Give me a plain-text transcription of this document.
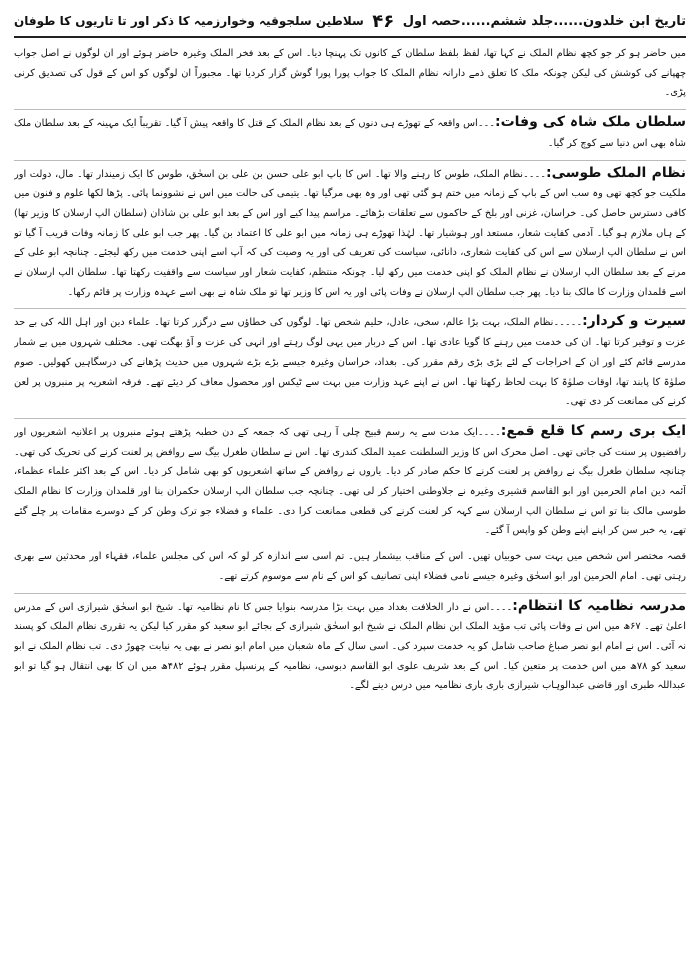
تاریخ ابن خلدون......جلد ششم......حصہ اول
۴۶
سلاطین سلجوقیہ وخوارزمیہ کا ذکر اور تا تاریوں کا طوفان

میں حاضر ہو کر جو کچھ نظام الملک نے کہا تھا، لفظ بلفظ سلطان کے کانوں تک پہنچا دیا۔ اس کے بعد فخر الملک وغیرہ حاضر ہوئے اور ان لوگوں نے اصل جواب چھپانے کی کوشش کی لیکن چونکہ ملک کا تعلق ذمے دارانہ نظام الملک کا جواب پورا پورا گوش گزار کردیا تھا۔ مجبوراً ان لوگوں کو اس کے قول کی تصدیق کرنی پڑی۔

سلطان ملک شاہ کی وفات:۔۔۔اس واقعہ کے تھوڑے ہی دنوں کے بعد نظام الملک کے قتل کا واقعہ پیش آ گیا۔ تقریباً ایک مہینہ کے بعد سلطان ملک شاہ بھی اس دنیا سے کوچ کر گیا۔

نظام الملک طوسی:۔۔۔۔نظام الملک، طوس کا رہنے والا تھا۔ اس کا باپ ابو علی حسن بن علی بن اسحٰق، طوس کا ایک زمیندار تھا۔ مال، دولت اور ملکیت جو کچھ تھی وہ سب اس کے باپ کے زمانہ میں ختم ہو گئی تھی اور وہ بھی مرگیا تھا۔ یتیمی کی حالت میں اس نے نشوونما پائی۔ پڑھا لکھا علوم و فنون میں کافی دسترس حاصل کی۔ خراسان، غزنی اور بلخ کے حاکموں سے تعلقات بڑھائے۔ مراسم پیدا کیے اور اس کے بعد ابو علی بن شاذان (سلطان الپ ارسلان کا وزیر تھا) کے ہاں ملازم ہو گیا۔ آدمی کفایت شعار، مستعد اور ہوشیار تھا۔ لہٰذا تھوڑے ہی زمانہ میں ابو علی کا اعتماد بن گیا۔ پھر جب ابو علی کا زمانہ وفات قریب آ گیا تو اس نے سلطان الپ ارسلان سے اس کی کفایت شعاری، دانائی، سیاست کی تعریف کی اور یہ وصیت کی کہ آپ اسے اپنی خدمت میں رکھ لیجئے۔ چنانچہ ابو علی کے مرنے کے بعد سلطان الپ ارسلان نے نظام الملک کو اپنی خدمت میں رکھ لیا۔ چونکہ منتظم، کفایت شعار اور سیاست سے واقفیت رکھتا تھا۔ سلطان الپ ارسلان نے اسے قلمدان وزارت کا مالک بنا دیا۔ پھر جب سلطان الپ ارسلان نے وفات پائی اور یہ اس کا وزیر تھا تو ملک شاہ نے بھی اسے عہدہ وزارت پر قائم رکھا۔

سیرت و کردار:۔۔۔۔۔نظام الملک، بہت بڑا عالم، سخی، عادل، حلیم شخص تھا۔ لوگوں کی خطاؤں سے درگزر کرتا تھا۔ علماء دین اور اہل اللہ کی بے حد عزت و توقیر کرتا تھا۔ ان کی خدمت میں رہنے کا گویا عادی تھا۔ اس کے دربار میں یہی لوگ رہتے اور انہی کی عزت و آؤ بھگت تھی۔ مختلف شہروں میں بے شمار مدرسے قائم کئے اور ان کے اخراجات کے لئے بڑی بڑی رقم مقرر کی۔ بغداد، خراسان وغیرہ جیسے بڑے بڑے شہروں میں حدیث پڑھانے کی درسگاہیں کھولیں۔ صوم صلوٰۃ کا پابند تھا، اوقات صلوٰۃ کا بہت لحاظ رکھتا تھا۔ اس نے اپنے عہد وزارت میں بہت سے ٹیکس اور محصول معاف کر دیئے تھے۔ فرقہ اشعریہ پر منبروں پر لعن کرنے کی ممانعت کر دی تھی۔

ایک بری رسم کا قلع قمع:۔۔۔۔ایک مدت سے یہ رسم قبیح چلی آ رہی تھی کہ جمعہ کے دن خطبہ پڑھتے ہوئے منبروں پر اعلانیہ اشعریوں اور رافضیوں پر سنت کی جاتی تھی۔ اصل محرک اس کا وزیر السلطنت عمید الملک کندری تھا۔ اس نے سلطان طغرل بیگ سے روافض پر لعنت کرنے کی تحریک کی تھی۔ چنانچہ سلطان طغرل بیگ نے روافض پر لعنت کرنے کا حکم صادر کر دیا۔ یاروں نے روافض کے ساتھ اشعریوں کو بھی شامل کر دیا۔ اس کے بعد اکثر علماء عظماء، آئمہ دین امام الحرمین اور ابو القاسم قشیری وغیرہ نے جلاوطنی اختیار کر لی تھی۔ چنانچہ جب سلطان الپ ارسلان حکمران بنا اور قلمدان وزارت کا نظام الملک طوسی مالک بنا تو اس نے سلطان الپ ارسلان سے کہہ کر لعنت کرنے کی قطعی ممانعت کرا دی۔ علماء و فضلاء جو ترک وطن کر کے دوسرے مقامات پر چلے گئے تھے، یہ خبر سن کر اپنے اپنے وطن کو واپس آ گئے۔

قصہ مختصر اس شخص میں بہت سی خوبیاں تھیں۔ اس کے مناقب بیشمار ہیں۔ تم اسی سے اندازہ کر لو کہ اس کی مجلس علماء، فقہاء اور محدثین سے بھری رہتی تھی۔ امام الحرمین اور ابو اسحٰق وغیرہ جیسے نامی فضلاء اپنی تصانیف کو اس کے نام سے موسوم کرتے تھے۔

مدرسہ نظامیہ کا انتظام:۔۔۔۔اس نے دار الخلافت بغداد میں بہت بڑا مدرسہ بنوایا جس کا نام نظامیہ تھا۔ شیخ ابو اسحٰق شیرازی اس کے مدرس اعلیٰ تھے۔ ۶۷ھ میں اس نے وفات پائی تب مؤید الملک ابن نظام الملک نے شیخ ابو اسحٰق شیرازی کے بجائے ابو سعید کو مقرر کیا لیکن یہ تقرری نظام الملک کو پسند نہ آئی۔ اس نے امام ابو نصر صباغ صاحب شامل کو یہ خدمت سپرد کی۔ اسی سال کے ماہ شعبان میں امام ابو نصر نے بھی یہ نیابت چھوڑ دی۔ تب نظام الملک نے ابو سعید کو ۷۸ھ میں اس خدمت پر متعین کیا۔ اس کے بعد شریف علوی ابو القاسم دبوسی، نظامیہ کے پرنسپل مقرر ہوئے ۴۸۲ھ میں ان کا بھی انتقال ہو گیا تو ابو عبداللہ طبری اور قاضی عبدالوہاب شیرازی باری باری نظامیہ میں درس دینے لگے۔
